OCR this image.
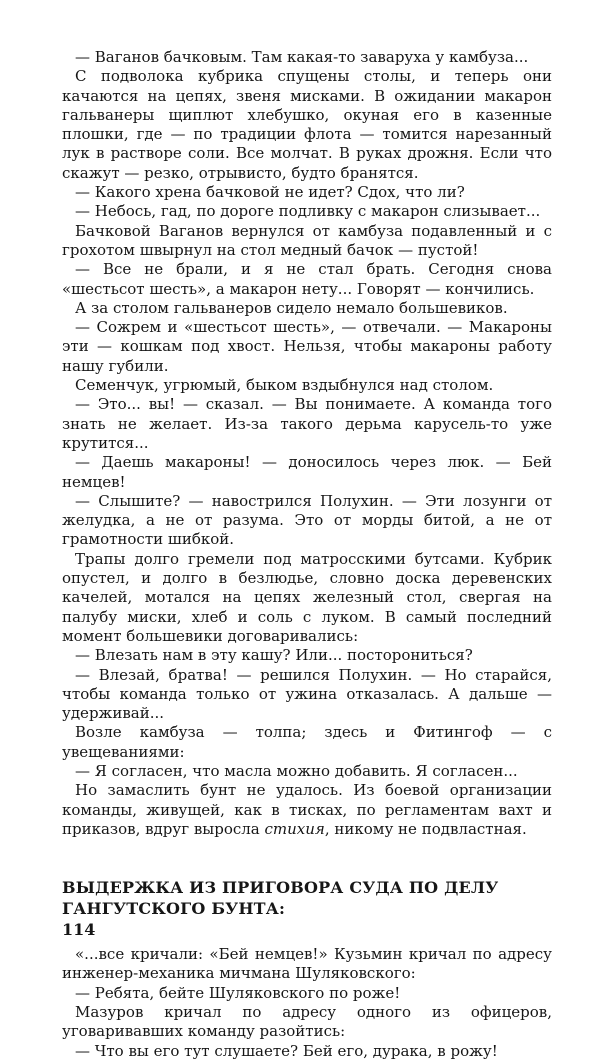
— Ваганов бачковым. Там какая-то заваруха у камбуза...

С подволока кубрика спущены столы, и теперь они качаются на цепях, звеня мисками. В ожидании макарон гальванеры щиплют хлебушко, окуная его в казенные плошки, где — по традиции флота — томится нарезанный лук в растворе соли. Все молчат. В руках дрожня. Если что скажут — резко, отрывисто, будто бранятся.

— Какого хрена бачковой не идет? Сдох, что ли?

— Небось, гад, по дороге подливку с макарон слизывает...

Бачковой Ваганов вернулся от камбуза подавленный и с грохотом швырнул на стол медный бачок — пустой!

— Все не брали, и я не стал брать. Сегодня снова «шестьсот шесть», а макарон нету... Говорят — кончились.

А за столом гальванеров сидело немало большевиков.

— Сожрем и «шестьсот шесть», — отвечали. — Макароны эти — кошкам под хвост. Нельзя, чтобы макароны работу нашу губили.

Семенчук, угрюмый, быком вздыбнулся над столом.

— Это... вы! — сказал. — Вы понимаете. А команда того знать не желает. Из-за такого дерьма карусель-то уже крутится...

— Даешь макароны! — доносилось через люк. — Бей немцев!

— Слышите? — навострился Полухин. — Эти лозунги от желудка, а не от разума. Это от морды битой, а не от грамотности шибкой.

Трапы долго гремели под матросскими бутсами. Кубрик опустел, и долго в безлюдье, словно доска деревенских качелей, мотался на цепях железный стол, свергая на палубу миски, хлеб и соль с луком. В самый последний момент большевики договаривались:

— Влезать нам в эту кашу? Или... посторониться?

— Влезай, братва! — решился Полухин. — Но старайся, чтобы команда только от ужина отказалась. А дальше — удерживай...

Возле камбуза — толпа; здесь и Фитингоф — с увещеваниями:

— Я согласен, что масла можно добавить. Я согласен...

Но замаслить бунт не удалось. Из боевой организации команды, живущей, как в тисках, по регламентам вахт и приказов, вдруг выросла стихия, никому не подвластная.

ВЫДЕРЖКА ИЗ ПРИГОВОРА СУДА ПО ДЕЛУ ГАНГУТСКОГО БУНТА:

«...все кричали: «Бей немцев!» Кузьмин кричал по адресу инженер-механика мичмана Шуляковского:

— Ребята, бейте Шуляковского по роже!

Мазуров кричал по адресу одного из офицеров, уговаривавших команду разойтись:

— Что вы его тут слушаете? Бей его, дурака, в рожу!

114
